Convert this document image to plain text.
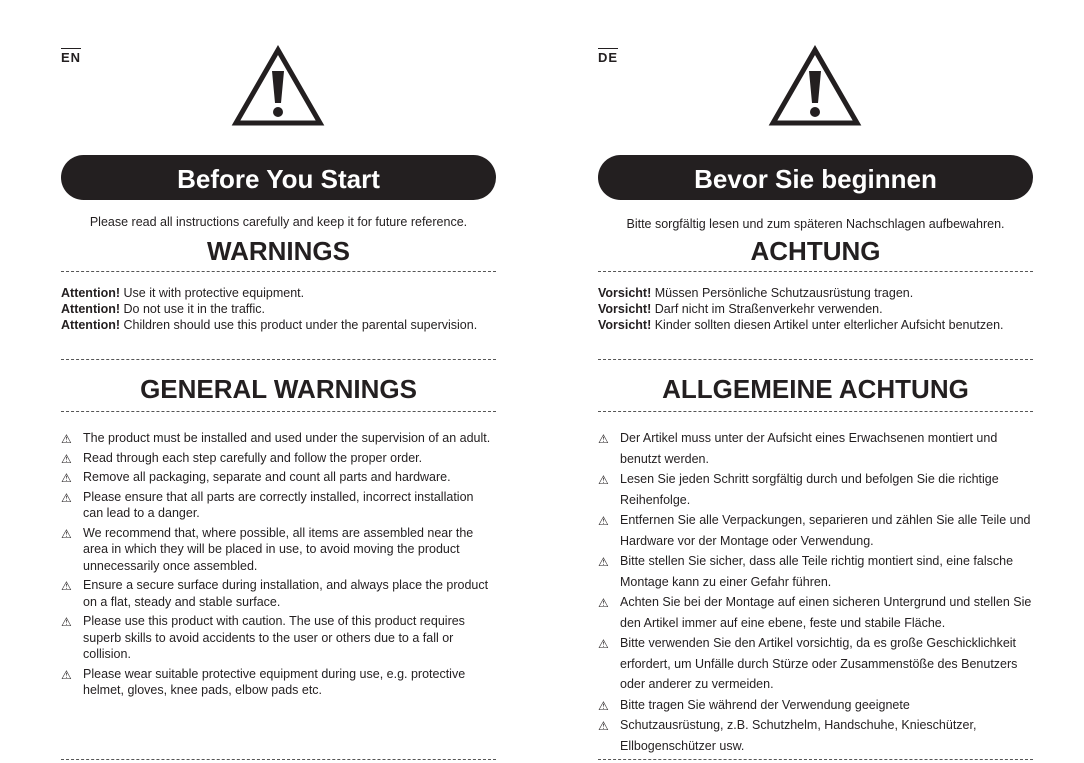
EN
Before You Start
Please read all instructions carefully and keep it for future reference.
WARNINGS
Attention! Use it with protective equipment.
Attention! Do not use it in the traffic.
Attention! Children should use this product under the parental supervision.
GENERAL WARNINGS
⚠ The product must be installed and used under the supervision of an adult.
⚠ Read through each step carefully and follow the proper order.
⚠ Remove all packaging, separate and count all parts and hardware.
⚠ Please ensure that all parts are correctly installed, incorrect installation can lead to a danger.
⚠ We recommend that, where possible, all items are assembled near the area in which they will be placed in use, to avoid moving the product unnecessarily once assembled.
⚠ Ensure a secure surface during installation, and always place the product on a flat, steady and stable surface.
⚠ Please use this product with caution. The use of this product requires superb skills to avoid accidents to the user or others due to a fall or collision.
⚠ Please wear suitable protective equipment during use, e.g. protective helmet, gloves, knee pads, elbow pads etc.
DE
Bevor Sie beginnen
Bitte sorgfältig lesen und zum späteren Nachschlagen aufbewahren.
ACHTUNG
Vorsicht! Müssen Persönliche Schutzausrüstung tragen.
Vorsicht! Darf nicht im Straßenverkehr verwenden.
Vorsicht! Kinder sollten diesen Artikel unter elterlicher Aufsicht benutzen.
ALLGEMEINE ACHTUNG
⚠ Der Artikel muss unter der Aufsicht eines Erwachsenen montiert und benutzt werden.
⚠ Lesen Sie jeden Schritt sorgfältig durch und befolgen Sie die richtige Reihenfolge.
⚠ Entfernen Sie alle Verpackungen, separieren und zählen Sie alle Teile und Hardware vor der Montage oder Verwendung.
⚠ Bitte stellen Sie sicher, dass alle Teile richtig montiert sind, eine falsche Montage kann zu einer Gefahr führen.
⚠ Achten Sie bei der Montage auf einen sicheren Untergrund und stellen Sie den Artikel immer auf eine ebene, feste und stabile Fläche.
⚠ Bitte verwenden Sie den Artikel vorsichtig, da es große Geschicklichkeit erfordert, um Unfälle durch Stürze oder Zusammenstöße des Benutzers oder anderer zu vermeiden.
⚠ Bitte tragen Sie während der Verwendung geeignete
⚠ Schutzausrüstung, z.B. Schutzhelm, Handschuhe, Knieschützer, Ellbogenschützer usw.
